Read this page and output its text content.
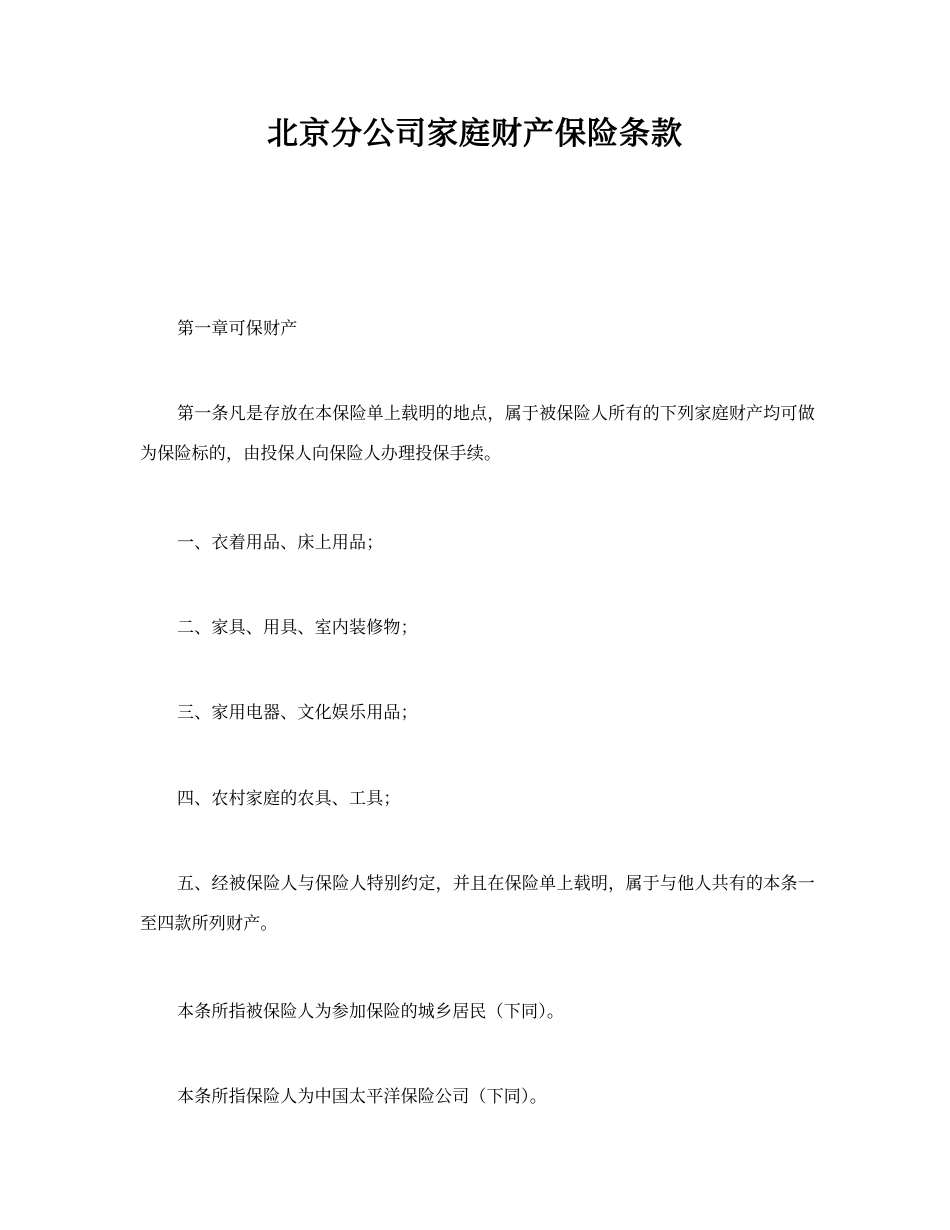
北京分公司家庭财产保险条款

第一章可保财产

第一条凡是存放在本保险单上载明的地点，属于被保险人所有的下列家庭财产均可做为保险标的，由投保人向保险人办理投保手续。

一、衣着用品、床上用品；

二、家具、用具、室内装修物；

三、家用电器、文化娱乐用品；

四、农村家庭的农具、工具；

五、经被保险人与保险人特别约定，并且在保险单上载明，属于与他人共有的本条一至四款所列财产。

本条所指被保险人为参加保险的城乡居民（下同）。

本条所指保险人为中国太平洋保险公司（下同）。
